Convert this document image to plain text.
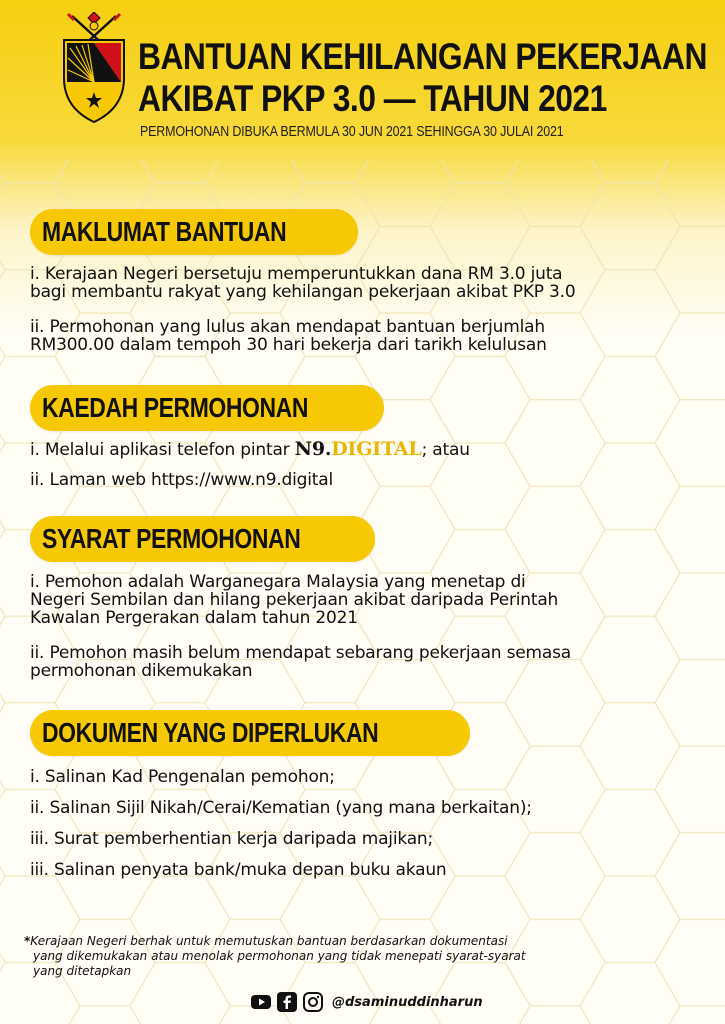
BANTUAN KEHILANGAN PEKERJAAN
AKIBAT PKP 3.0 — TAHUN 2021
PERMOHONAN DIBUKA BERMULA 30 JUN 2021 SEHINGGA 30 JULAI 2021
MAKLUMAT BANTUAN
i. Kerajaan Negeri bersetuju memperuntukkan dana RM 3.0 juta
bagi membantu rakyat yang kehilangan pekerjaan akibat PKP 3.0
ii. Permohonan yang lulus akan mendapat bantuan berjumlah
RM300.00 dalam tempoh 30 hari bekerja dari tarikh kelulusan
KAEDAH PERMOHONAN
i. Melalui aplikasi telefon pintar N9.DIGITAL; atau
ii. Laman web https://www.n9.digital
SYARAT PERMOHONAN
i. Pemohon adalah Warganegara Malaysia yang menetap di
Negeri Sembilan dan hilang pekerjaan akibat daripada Perintah
Kawalan Pergerakan dalam tahun 2021
ii. Pemohon masih belum mendapat sebarang pekerjaan semasa
permohonan dikemukakan
DOKUMEN YANG DIPERLUKAN
i. Salinan Kad Pengenalan pemohon;
ii. Salinan Sijil Nikah/Cerai/Kematian (yang mana berkaitan);
iii. Surat pemberhentian kerja daripada majikan;
iii. Salinan penyata bank/muka depan buku akaun
*Kerajaan Negeri berhak untuk memutuskan bantuan berdasarkan dokumentasi
yang dikemukakan atau menolak permohonan yang tidak menepati syarat-syarat
yang ditetapkan
@dsaminuddinharun
